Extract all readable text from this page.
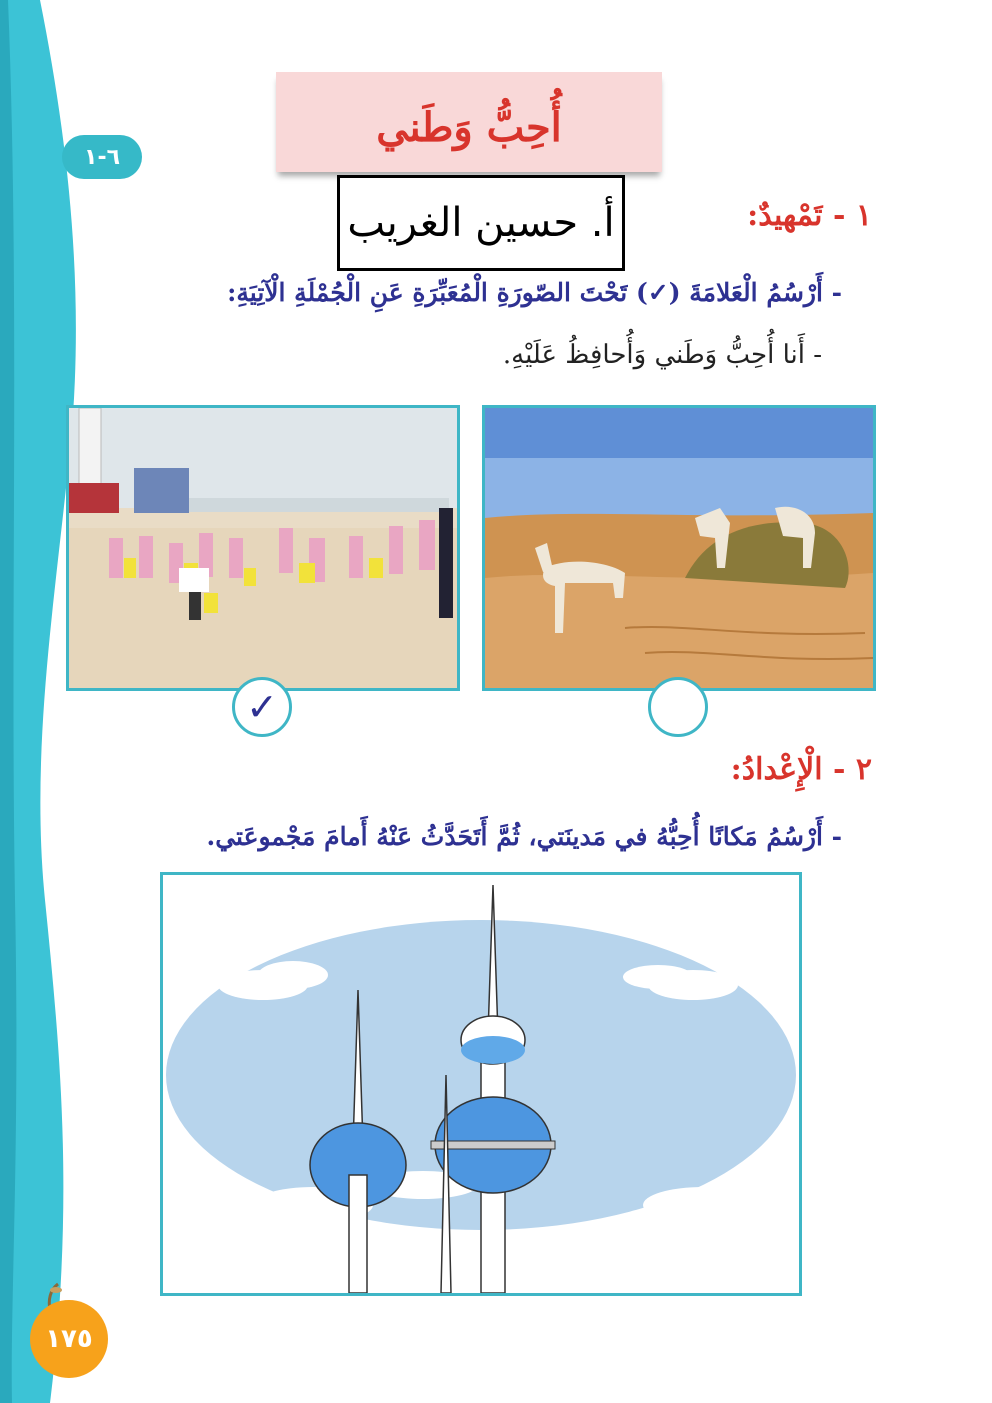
٦-١
أُحِبُّ وَطَني
أ. حسين الغريب	١ - تَمْهيدٌ:
- أَرْسُمُ الْعَلامَةَ (✓) تَحْتَ الصّورَةِ الْمُعَبِّرَةِ عَنِ الْجُمْلَةِ الْآتِيَةِ:
- أَنا أُحِبُّ وَطَني وَأُحافِظُ عَلَيْهِ.
✓
٢ - الْإِعْدادُ:
- أَرْسُمُ مَكانًا أُحِبُّهُ في مَدينَتي، ثُمَّ أَتَحَدَّثُ عَنْهُ أَمامَ مَجْموعَتي.
١٧٥
